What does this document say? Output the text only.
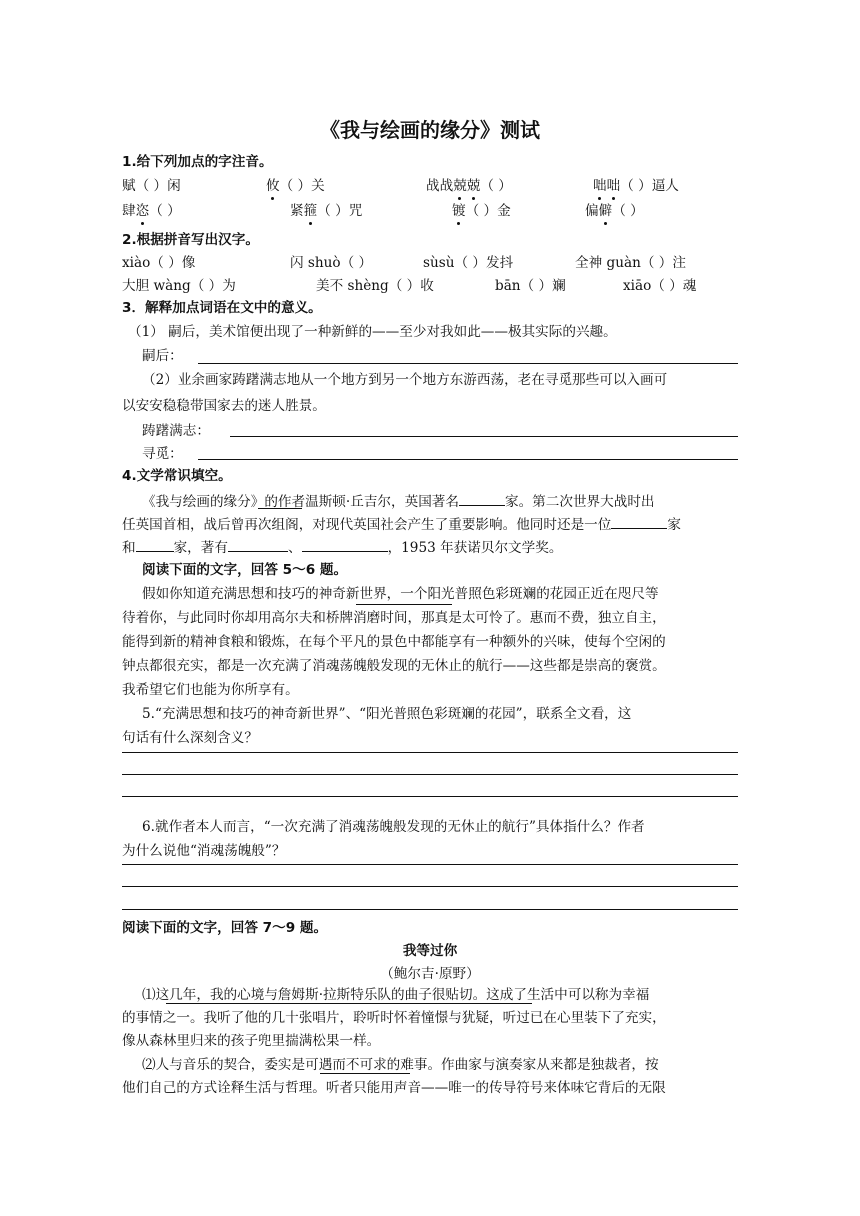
《我与绘画的缘分》测试
1.给下列加点的字注音。
赋（ ）闲	攸（ ）关	战战兢兢（ ）	咄咄（ ）逼人
肆恣（ ）	紧箍（ ）咒	镀（ ）金	偏僻（ ）
2.根据拼音写出汉字。
xiào（ ）像	闪 shuò（ ）	sùsù（ ）发抖	全神 guàn（ ）注
大胆 wàng（ ）为	美不 shèng（ ）收	bān（ ）斓	xiāo（ ）魂
3．解释加点词语在文中的意义。
（1） 嗣后，美术馆便出现了一种新鲜的——至少对我如此——极其实际的兴趣。
嗣后：
（2）业余画家踌躇满志地从一个地方到另一个地方东游西荡，老在寻觅那些可以入画可
以安安稳稳带国家去的迷人胜景。
踌躇满志：
寻觅：
4.文学常识填空。
《我与绘画的缘分》的作者温斯顿·丘吉尔，英国著名	家。第二次世界大战时出
任英国首相，战后曾再次组阁，对现代英国社会产生了重要影响。他同时还是一位	家
和	家，著有	、	，1953 年获诺贝尔文学奖。
阅读下面的文字，回答 5～6 题。
假如你知道充满思想和技巧的神奇新世界，一个阳光普照色彩斑斓的花园正近在咫尺等
待着你，与此同时你却用高尔夫和桥牌消磨时间，那真是太可怜了。惠而不费，独立自主，
能得到新的精神食粮和锻炼，在每个平凡的景色中都能享有一种额外的兴味，使每个空闲的
钟点都很充实，都是一次充满了消魂荡魄般发现的无休止的航行——这些都是崇高的褒赏。
我希望它们也能为你所享有。
5.“充满思想和技巧的神奇新世界”、“阳光普照色彩斑斓的花园”，联系全文看，这
句话有什么深刻含义？
6.就作者本人而言，“一次充满了消魂荡魄般发现的无休止的航行”具体指什么？作者
为什么说他“消魂荡魄般”？
阅读下面的文字，回答 7～9 题。
我等过你
（鲍尔吉·原野）
⑴这几年，我的心境与詹姆斯·拉斯特乐队的曲子很贴切。这成了生活中可以称为幸福
的事情之一。我听了他的几十张唱片，聆听时怀着憧憬与犹疑，听过已在心里装下了充实，
像从森林里归来的孩子兜里揣满松果一样。
⑵人与音乐的契合，委实是可遇而不可求的难事。作曲家与演奏家从来都是独裁者，按
他们自己的方式诠释生活与哲理。听者只能用声音——唯一的传导符号来体味它背后的无限
